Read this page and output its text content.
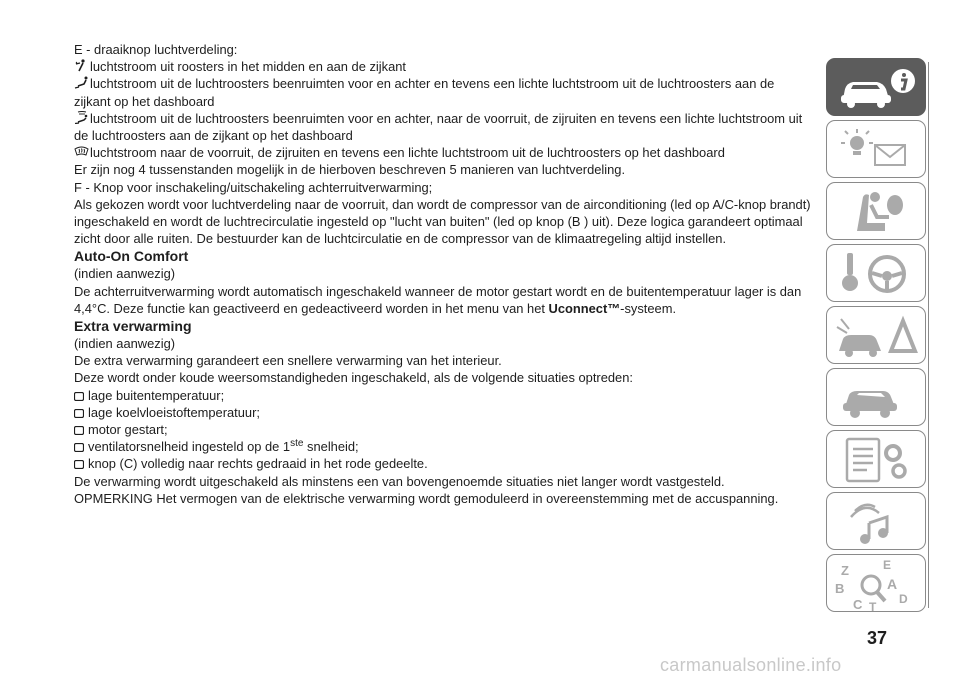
E - draaiknop luchtverdeling:

luchtstroom uit roosters in het midden en aan de zijkant

luchtstroom uit de luchtroosters beenruimten voor en achter en tevens een lichte luchtstroom uit de luchtroosters aan de zijkant op het dashboard

luchtstroom uit de luchtroosters beenruimten voor en achter, naar de voorruit, de zijruiten en tevens een lichte luchtstroom uit de luchtroosters aan de zijkant op het dashboard

luchtstroom naar de voorruit, de zijruiten en tevens een lichte luchtstroom uit de luchtroosters op het dashboard

Er zijn nog 4 tussenstanden mogelijk in de hierboven beschreven 5 manieren van luchtverdeling.

F - Knop voor inschakeling/uitschakeling achterruitverwarming;

Als gekozen wordt voor luchtverdeling naar de voorruit, dan wordt de compressor van de airconditioning (led op A/C-knop brandt) ingeschakeld en wordt de luchtrecirculatie ingesteld op "lucht van buiten" (led op knop (B ) uit). Deze logica garandeert optimaal zicht door alle ruiten. De bestuurder kan de luchtcirculatie en de compressor van de klimaatregeling altijd instellen.

Auto-On Comfort

(indien aanwezig)

De achterruitverwarming wordt automatisch ingeschakeld wanneer de motor gestart wordt en de buitentemperatuur lager is dan 4,4°C. Deze functie kan geactiveerd en gedeactiveerd worden in het menu van het Uconnect™-systeem.

Extra verwarming

(indien aanwezig)

De extra verwarming garandeert een snellere verwarming van het interieur.

Deze wordt onder koude weersomstandigheden ingeschakeld, als de volgende situaties optreden:

lage buitentemperatuur;

lage koelvloeistoftemperatuur;

motor gestart;

ventilatorsnelheid ingesteld op de 1ste snelheid;

knop (C) volledig naar rechts gedraaid in het rode gedeelte.

De verwarming wordt uitgeschakeld als minstens een van bovengenoemde situaties niet langer wordt vastgesteld.

OPMERKING Het vermogen van de elektrische verwarming wordt gemoduleerd in overeenstemming met de accuspanning.

Z	E
B	A
C T
D
37
carmanualsonline.info
